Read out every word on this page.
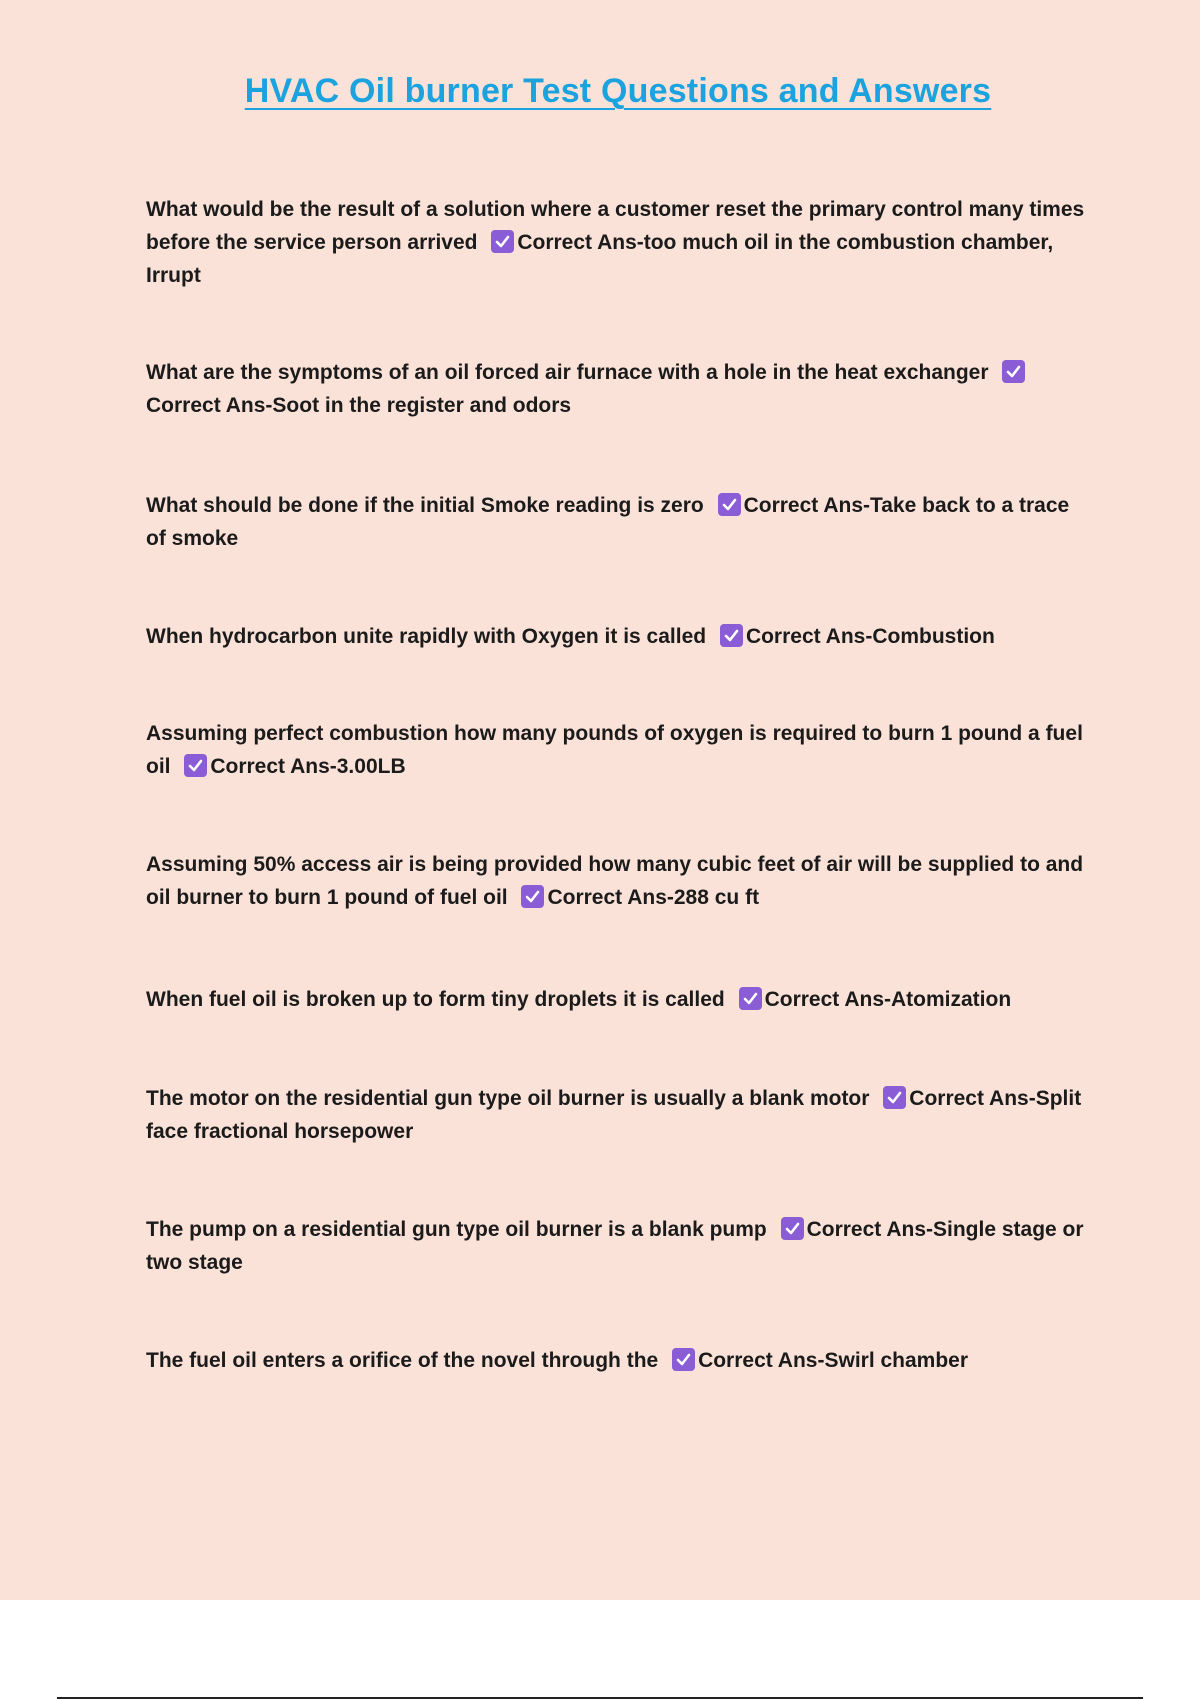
HVAC Oil burner Test Questions and Answers
What would be the result of a solution where a customer reset the primary control many times before the service person arrived Correct Ans-too much oil in the combustion chamber, Irrupt
What are the symptoms of an oil forced air furnace with a hole in the heat exchanger
Correct Ans-Soot in the register and odors
What should be done if the initial Smoke reading is zero Correct Ans-Take back to a trace of smoke
When hydrocarbon unite rapidly with Oxygen it is called Correct Ans-Combustion
Assuming perfect combustion how many pounds of oxygen is required to burn 1 pound a fuel oil Correct Ans-3.00LB
Assuming 50% access air is being provided how many cubic feet of air will be supplied to and oil burner to burn 1 pound of fuel oil Correct Ans-288 cu ft
When fuel oil is broken up to form tiny droplets it is called Correct Ans-Atomization
The motor on the residential gun type oil burner is usually a blank motor Correct Ans-Split face fractional horsepower
The pump on a residential gun type oil burner is a blank pump Correct Ans-Single stage or two stage
The fuel oil enters a orifice of the novel through the Correct Ans-Swirl chamber
